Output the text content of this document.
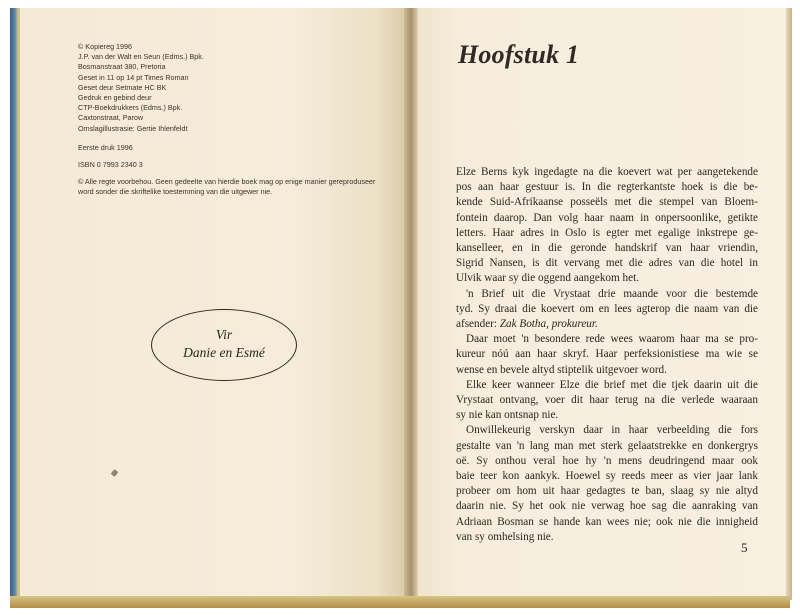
© Kopiereg 1996
J.P. van der Walt en Seun (Edms.) Bpk.
Bosmanstraat 380, Pretoria
Geset in 11 op 14 pt Times Roman
Geset deur Setmate HC BK
Gedruk en gebind deur
CTP-Boekdrukkers (Edms.) Bpk.
Caxtonstraat, Parow
Omslagillustrasie: Gertie Ihlenfeldt
Eerste druk 1996
ISBN 0 7993 2340 3
© Alle regte voorbehou. Geen gedeelte van hierdie boek mag op enige manier gereproduseer
word sonder die skriftelike toestemming van die uitgewer nie.
Vir
Danie en Esmé
Hoofstuk 1
Elze Berns kyk ingedagte na die koevert wat per aangetekende
pos aan haar gestuur is. In die regterkantste hoek is die be-
kende Suid-Afrikaanse posseëls met die stempel van Bloem-
fontein daarop. Dan volg haar naam in onpersoonlike, getikte
letters. Haar adres in Oslo is egter met egalige inkstrepe ge-
kanselleer, en in die geronde handskrif van haar vriendin,
Sigrid Nansen, is dit vervang met die adres van die hotel in
Ulvik waar sy die oggend aangekom het.
'n Brief uit die Vrystaat drie maande voor die bestemde
tyd. Sy draai die koevert om en lees agterop die naam van die
afsender: Zak Botha, prokureur.
Daar moet 'n besondere rede wees waarom haar ma se pro-
kureur nóú aan haar skryf. Haar perfeksionistiese ma wie se
wense en bevele altyd stiptelik uitgevoer word.
Elke keer wanneer Elze die brief met die tjek daarin uit die
Vrystaat ontvang, voer dit haar terug na die verlede waaraan
sy nie kan ontsnap nie.
Onwillekeurig verskyn daar in haar verbeelding die fors
gestalte van 'n lang man met sterk gelaatstrekke en donkergrys
oë. Sy onthou veral hoe hy 'n mens deudringend maar ook
baie teer kon aankyk. Hoewel sy reeds meer as vier jaar lank
probeer om hom uit haar gedagtes te ban, slaag sy nie altyd
daarin nie. Sy het ook nie verwag hoe sag die aanraking van
Adriaan Bosman se hande kan wees nie; ook nie die innigheid
van sy omhelsing nie.
5
